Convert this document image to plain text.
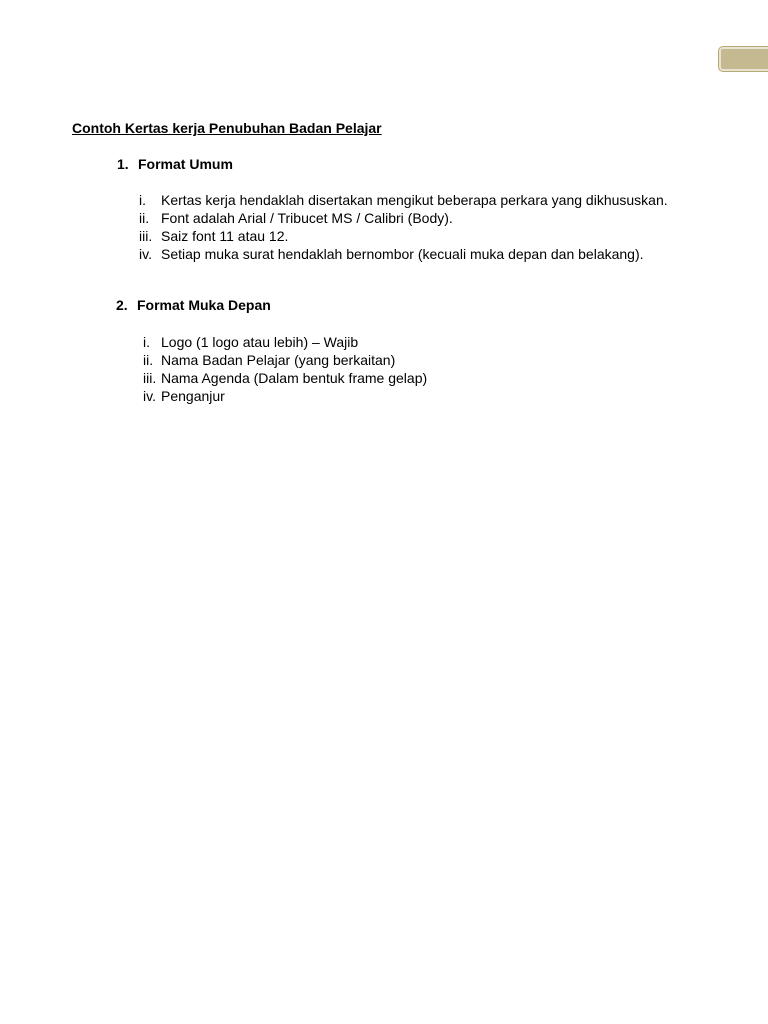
Contoh Kertas kerja Penubuhan Badan Pelajar
1. Format Umum
i. Kertas kerja hendaklah disertakan mengikut beberapa perkara yang dikhususkan.
ii. Font adalah Arial / Tribucet MS / Calibri (Body).
iii. Saiz font 11 atau 12.
iv. Setiap muka surat hendaklah bernombor (kecuali muka depan dan belakang).
2. Format Muka Depan
i. Logo (1 logo atau lebih) – Wajib
ii. Nama Badan Pelajar (yang berkaitan)
iii. Nama Agenda (Dalam bentuk frame gelap)
iv. Penganjur
